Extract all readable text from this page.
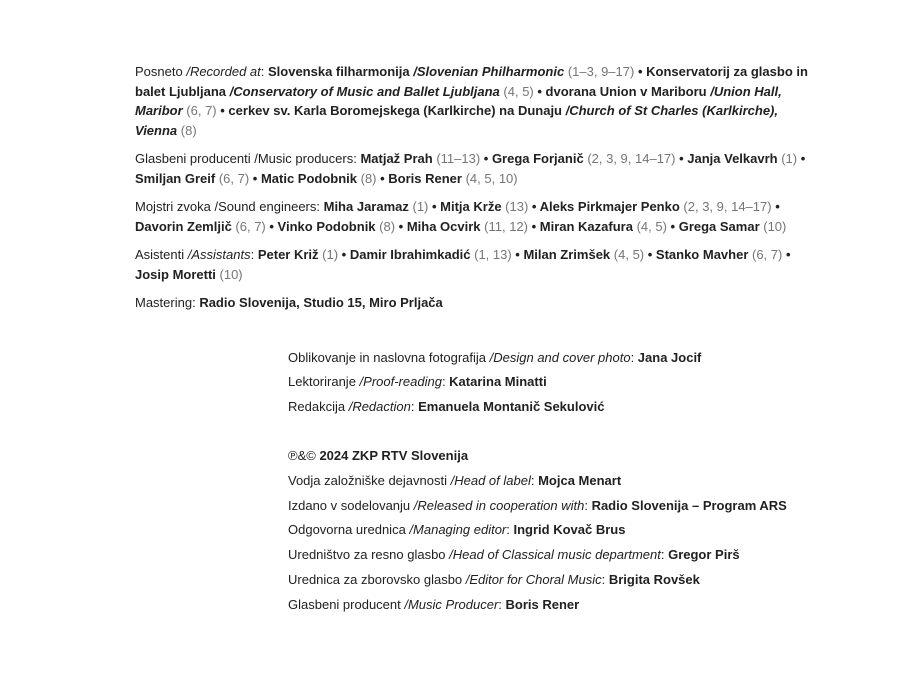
Posneto /Recorded at: Slovenska filharmonija /Slovenian Philharmonic (1–3, 9–17) • Konservatorij za glasbo in
balet Ljubljana /Conservatory of Music and Ballet Ljubljana (4, 5) • dvorana Union v Mariboru /Union Hall,
Maribor (6, 7) • cerkev sv. Karla Boromejskega (Karlkirche) na Dunaju /Church of St Charles (Karlkirche),
Vienna (8)
Glasbeni producenti /Music producers: Matjaž Prah (11–13) • Grega Forjanič (2, 3, 9, 14–17) • Janja Velkavrh (1) •
Smiljan Greif (6, 7) • Matic Podobnik (8) • Boris Rener (4, 5, 10)
Mojstri zvoka /Sound engineers: Miha Jaramaz (1) • Mitja Krže (13) • Aleks Pirkmajer Penko (2, 3, 9, 14–17) •
Davorin Zemljič (6, 7) • Vinko Podobnik (8) • Miha Ocvirk (11, 12) • Miran Kazafura (4, 5) • Grega Samar (10)
Asistenti /Assistants: Peter Križ (1) • Damir Ibrahimkadić (1, 13) • Milan Zrimšek (4, 5) • Stanko Mavher (6, 7) •
Josip Moretti (10)
Mastering: Radio Slovenija, Studio 15, Miro Prljača
Oblikovanje in naslovna fotografija /Design and cover photo: Jana Jocif
Lektoriranje /Proof-reading: Katarina Minatti
Redakcija /Redaction: Emanuela Montanič Sekulović
℗&© 2024 ZKP RTV Slovenija
Vodja založniške dejavnosti /Head of label: Mojca Menart
Izdano v sodelovanju /Released in cooperation with: Radio Slovenija – Program ARS
Odgovorna urednica /Managing editor: Ingrid Kovač Brus
Uredništvo za resno glasbo /Head of Classical music department: Gregor Pirš
Urednica za zborovsko glasbo /Editor for Choral Music: Brigita Rovšek
Glasbeni producent /Music Producer: Boris Rener
